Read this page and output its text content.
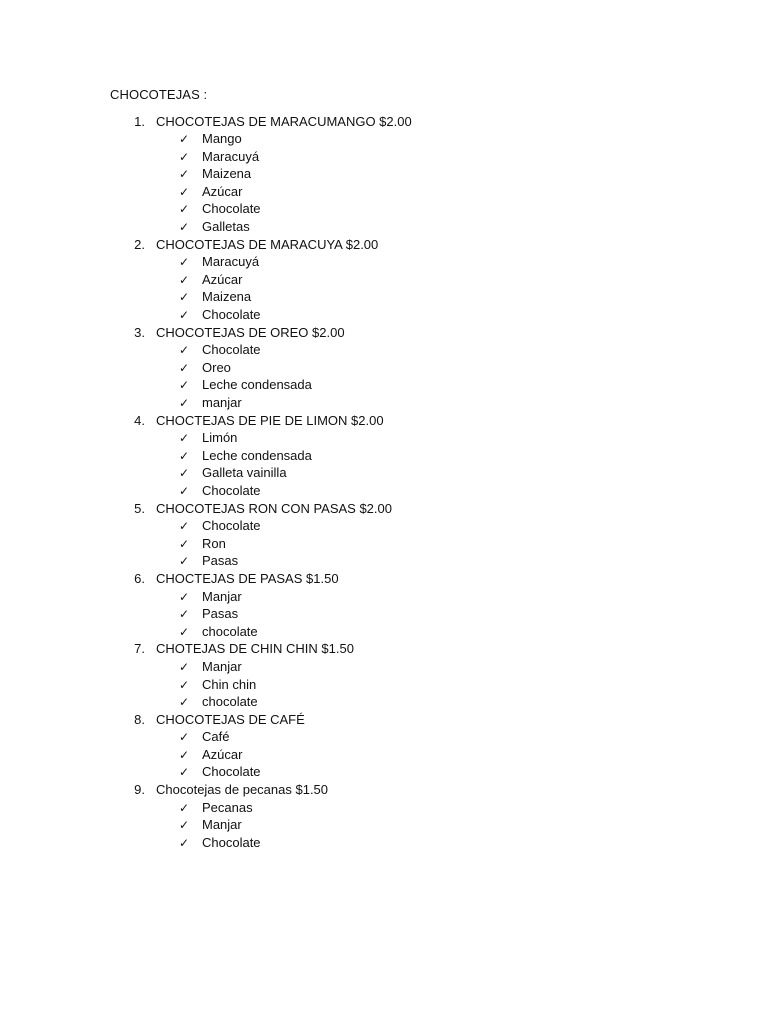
CHOCOTEJAS :
1. CHOCOTEJAS DE MARACUMANGO $2.00
✓ Mango
✓ Maracuyá
✓ Maizena
✓ Azúcar
✓ Chocolate
✓ Galletas
2. CHOCOTEJAS DE MARACUYA $2.00
✓ Maracuyá
✓ Azúcar
✓ Maizena
✓ Chocolate
3. CHOCOTEJAS DE OREO $2.00
✓ Chocolate
✓ Oreo
✓ Leche condensada
✓ manjar
4. CHOCTEJAS DE PIE DE LIMON $2.00
✓ Limón
✓ Leche condensada
✓ Galleta vainilla
✓ Chocolate
5. CHOCOTEJAS RON CON PASAS $2.00
✓ Chocolate
✓ Ron
✓ Pasas
6. CHOCTEJAS DE PASAS $1.50
✓ Manjar
✓ Pasas
✓ chocolate
7. CHOTEJAS DE CHIN CHIN $1.50
✓ Manjar
✓ Chin chin
✓ chocolate
8. CHOCOTEJAS DE CAFÉ
✓ Café
✓ Azúcar
✓ Chocolate
9. Chocotejas de pecanas $1.50
✓ Pecanas
✓ Manjar
✓ Chocolate
